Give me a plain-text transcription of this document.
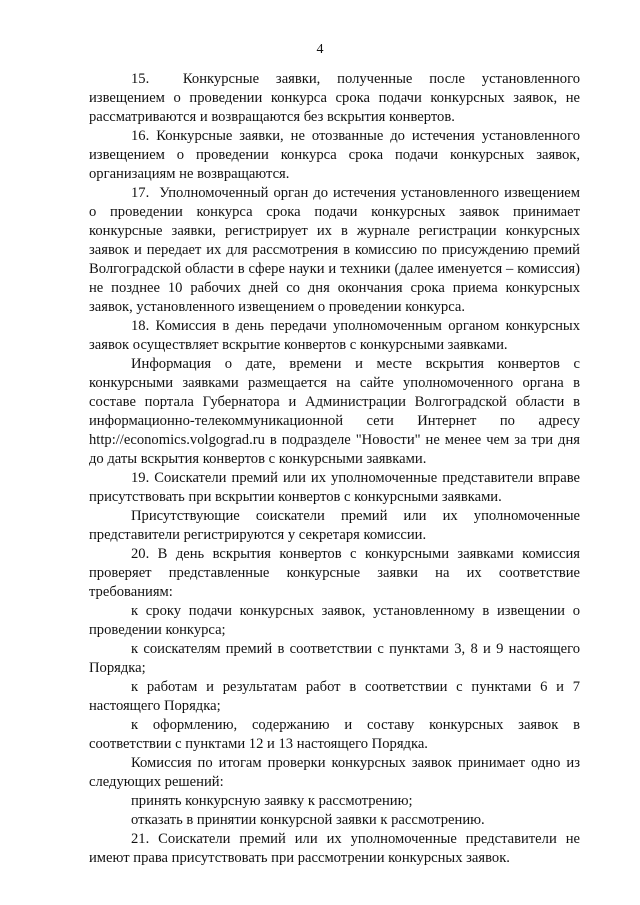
4

15.  Конкурсные заявки, полученные после установленного извещением о проведении конкурса срока подачи конкурсных заявок, не рассматриваются и возвращаются без вскрытия конвертов.

16. Конкурсные заявки, не отозванные до истечения установленного извещением о проведении конкурса срока подачи конкурсных заявок, организациям не возвращаются.

17.  Уполномоченный орган до истечения установленного извещением о проведении конкурса срока подачи конкурсных заявок принимает конкурсные заявки, регистрирует их в журнале регистрации конкурсных заявок и передает их для рассмотрения в комиссию по присуждению премий Волгоградской области в сфере науки и техники (далее именуется – комиссия) не позднее 10 рабочих дней со дня окончания срока приема конкурсных заявок, установленного извещением о проведении конкурса.

18. Комиссия в день передачи уполномоченным органом конкурсных заявок осуществляет вскрытие конвертов с конкурсными заявками.

Информация о дате, времени и месте вскрытия конвертов с конкурсными заявками размещается на сайте уполномоченного органа в составе портала Губернатора и Администрации Волгоградской области в информационно-телекоммуникационной сети Интернет по адресу http://economics.volgograd.ru в подразделе "Новости" не менее чем за три дня до даты вскрытия конвертов с конкурсными заявками.

19. Соискатели премий или их уполномоченные представители вправе присутствовать при вскрытии конвертов с конкурсными заявками.

Присутствующие соискатели премий или их уполномоченные представители регистрируются у секретаря комиссии.

20. В день вскрытия конвертов с конкурсными заявками комиссия проверяет представленные конкурсные заявки на их соответствие требованиям:

к сроку подачи конкурсных заявок, установленному в извещении о проведении конкурса;

к соискателям премий в соответствии с пунктами 3, 8 и 9 настоящего Порядка;

к работам и результатам работ в соответствии с пунктами 6 и 7 настоящего Порядка;

к оформлению, содержанию и составу конкурсных заявок в соответствии с пунктами 12 и 13 настоящего Порядка.

Комиссия по итогам проверки конкурсных заявок принимает одно из следующих решений:

принять конкурсную заявку к рассмотрению;

отказать в принятии конкурсной заявки к рассмотрению.

21. Соискатели премий или их уполномоченные представители не имеют права присутствовать при рассмотрении конкурсных заявок.
